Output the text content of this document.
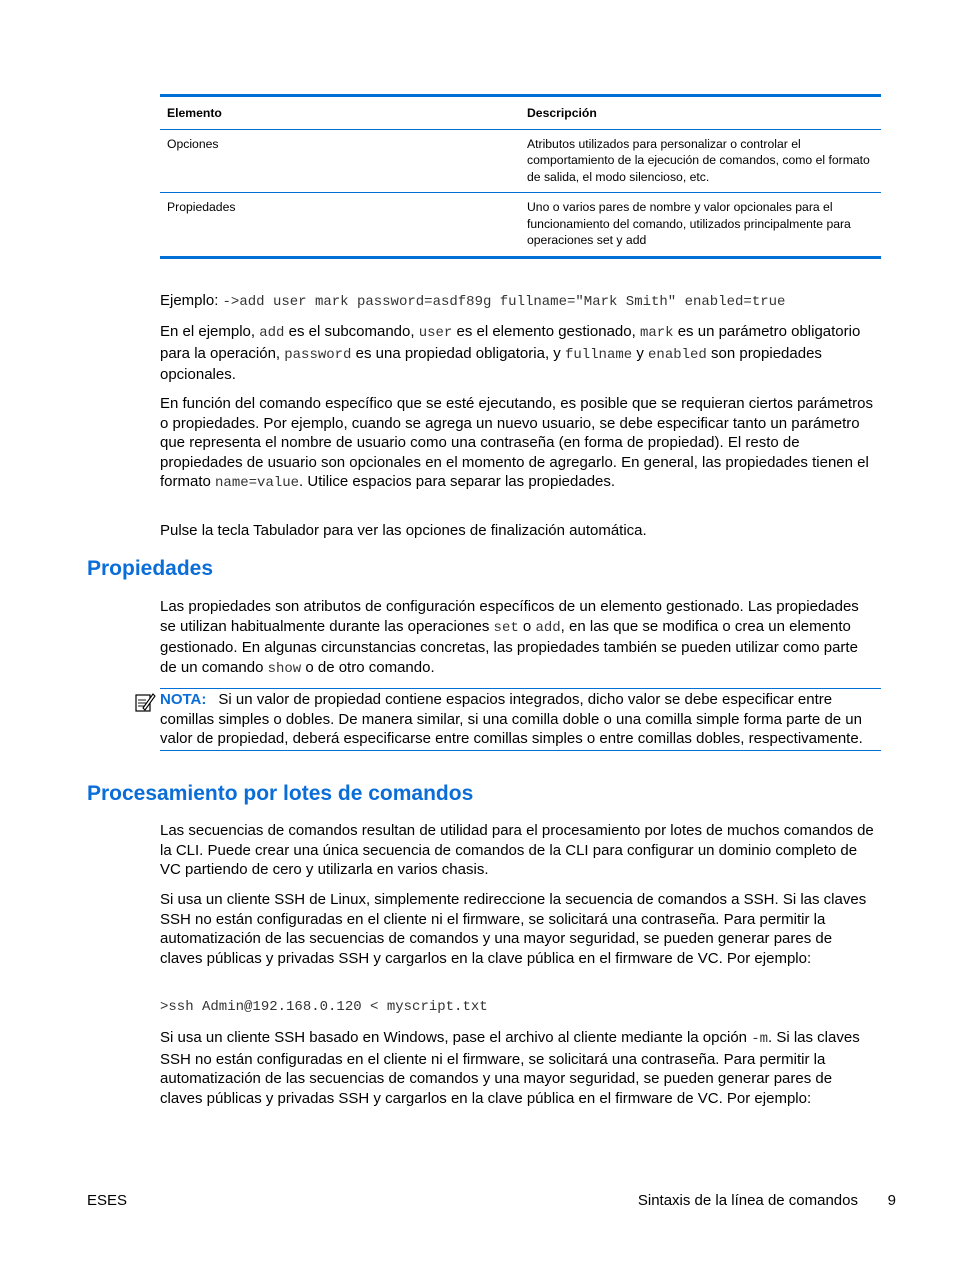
Elemento	Descripción
Opciones	Atributos utilizados para personalizar o controlar el comportamiento de la ejecución de comandos, como el formato de salida, el modo silencioso, etc.
Propiedades	Uno o varios pares de nombre y valor opcionales para el funcionamiento del comando, utilizados principalmente para operaciones set y add

Ejemplo: ->add user mark password=asdf89g fullname="Mark Smith" enabled=true

En el ejemplo, add es el subcomando, user es el elemento gestionado, mark es un parámetro obligatorio para la operación, password es una propiedad obligatoria, y fullname y enabled son propiedades opcionales.

En función del comando específico que se esté ejecutando, es posible que se requieran ciertos parámetros o propiedades. Por ejemplo, cuando se agrega un nuevo usuario, se debe especificar tanto un parámetro que representa el nombre de usuario como una contraseña (en forma de propiedad). El resto de propiedades de usuario son opcionales en el momento de agregarlo. En general, las propiedades tienen el formato name=value. Utilice espacios para separar las propiedades.

Pulse la tecla Tabulador para ver las opciones de finalización automática.

Propiedades

Las propiedades son atributos de configuración específicos de un elemento gestionado. Las propiedades se utilizan habitualmente durante las operaciones set o add, en las que se modifica o crea un elemento gestionado. En algunas circunstancias concretas, las propiedades también se pueden utilizar como parte de un comando show o de otro comando.

NOTA: Si un valor de propiedad contiene espacios integrados, dicho valor se debe especificar entre comillas simples o dobles. De manera similar, si una comilla doble o una comilla simple forma parte de un valor de propiedad, deberá especificarse entre comillas simples o entre comillas dobles, respectivamente.
Procesamiento por lotes de comandos

Las secuencias de comandos resultan de utilidad para el procesamiento por lotes de muchos comandos de la CLI. Puede crear una única secuencia de comandos de la CLI para configurar un dominio completo de VC partiendo de cero y utilizarla en varios chasis.

Si usa un cliente SSH de Linux, simplemente redireccione la secuencia de comandos a SSH. Si las claves SSH no están configuradas en el cliente ni el firmware, se solicitará una contraseña. Para permitir la automatización de las secuencias de comandos y una mayor seguridad, se pueden generar pares de claves públicas y privadas SSH y cargarlos en la clave pública en el firmware de VC. Por ejemplo:

>ssh Admin@192.168.0.120 < myscript.txt

Si usa un cliente SSH basado en Windows, pase el archivo al cliente mediante la opción -m. Si las claves SSH no están configuradas en el cliente ni el firmware, se solicitará una contraseña. Para permitir la automatización de las secuencias de comandos y una mayor seguridad, se pueden generar pares de claves públicas y privadas SSH y cargarlos en la clave pública en el firmware de VC. Por ejemplo:

ESES	Sintaxis de la línea de comandos 9
